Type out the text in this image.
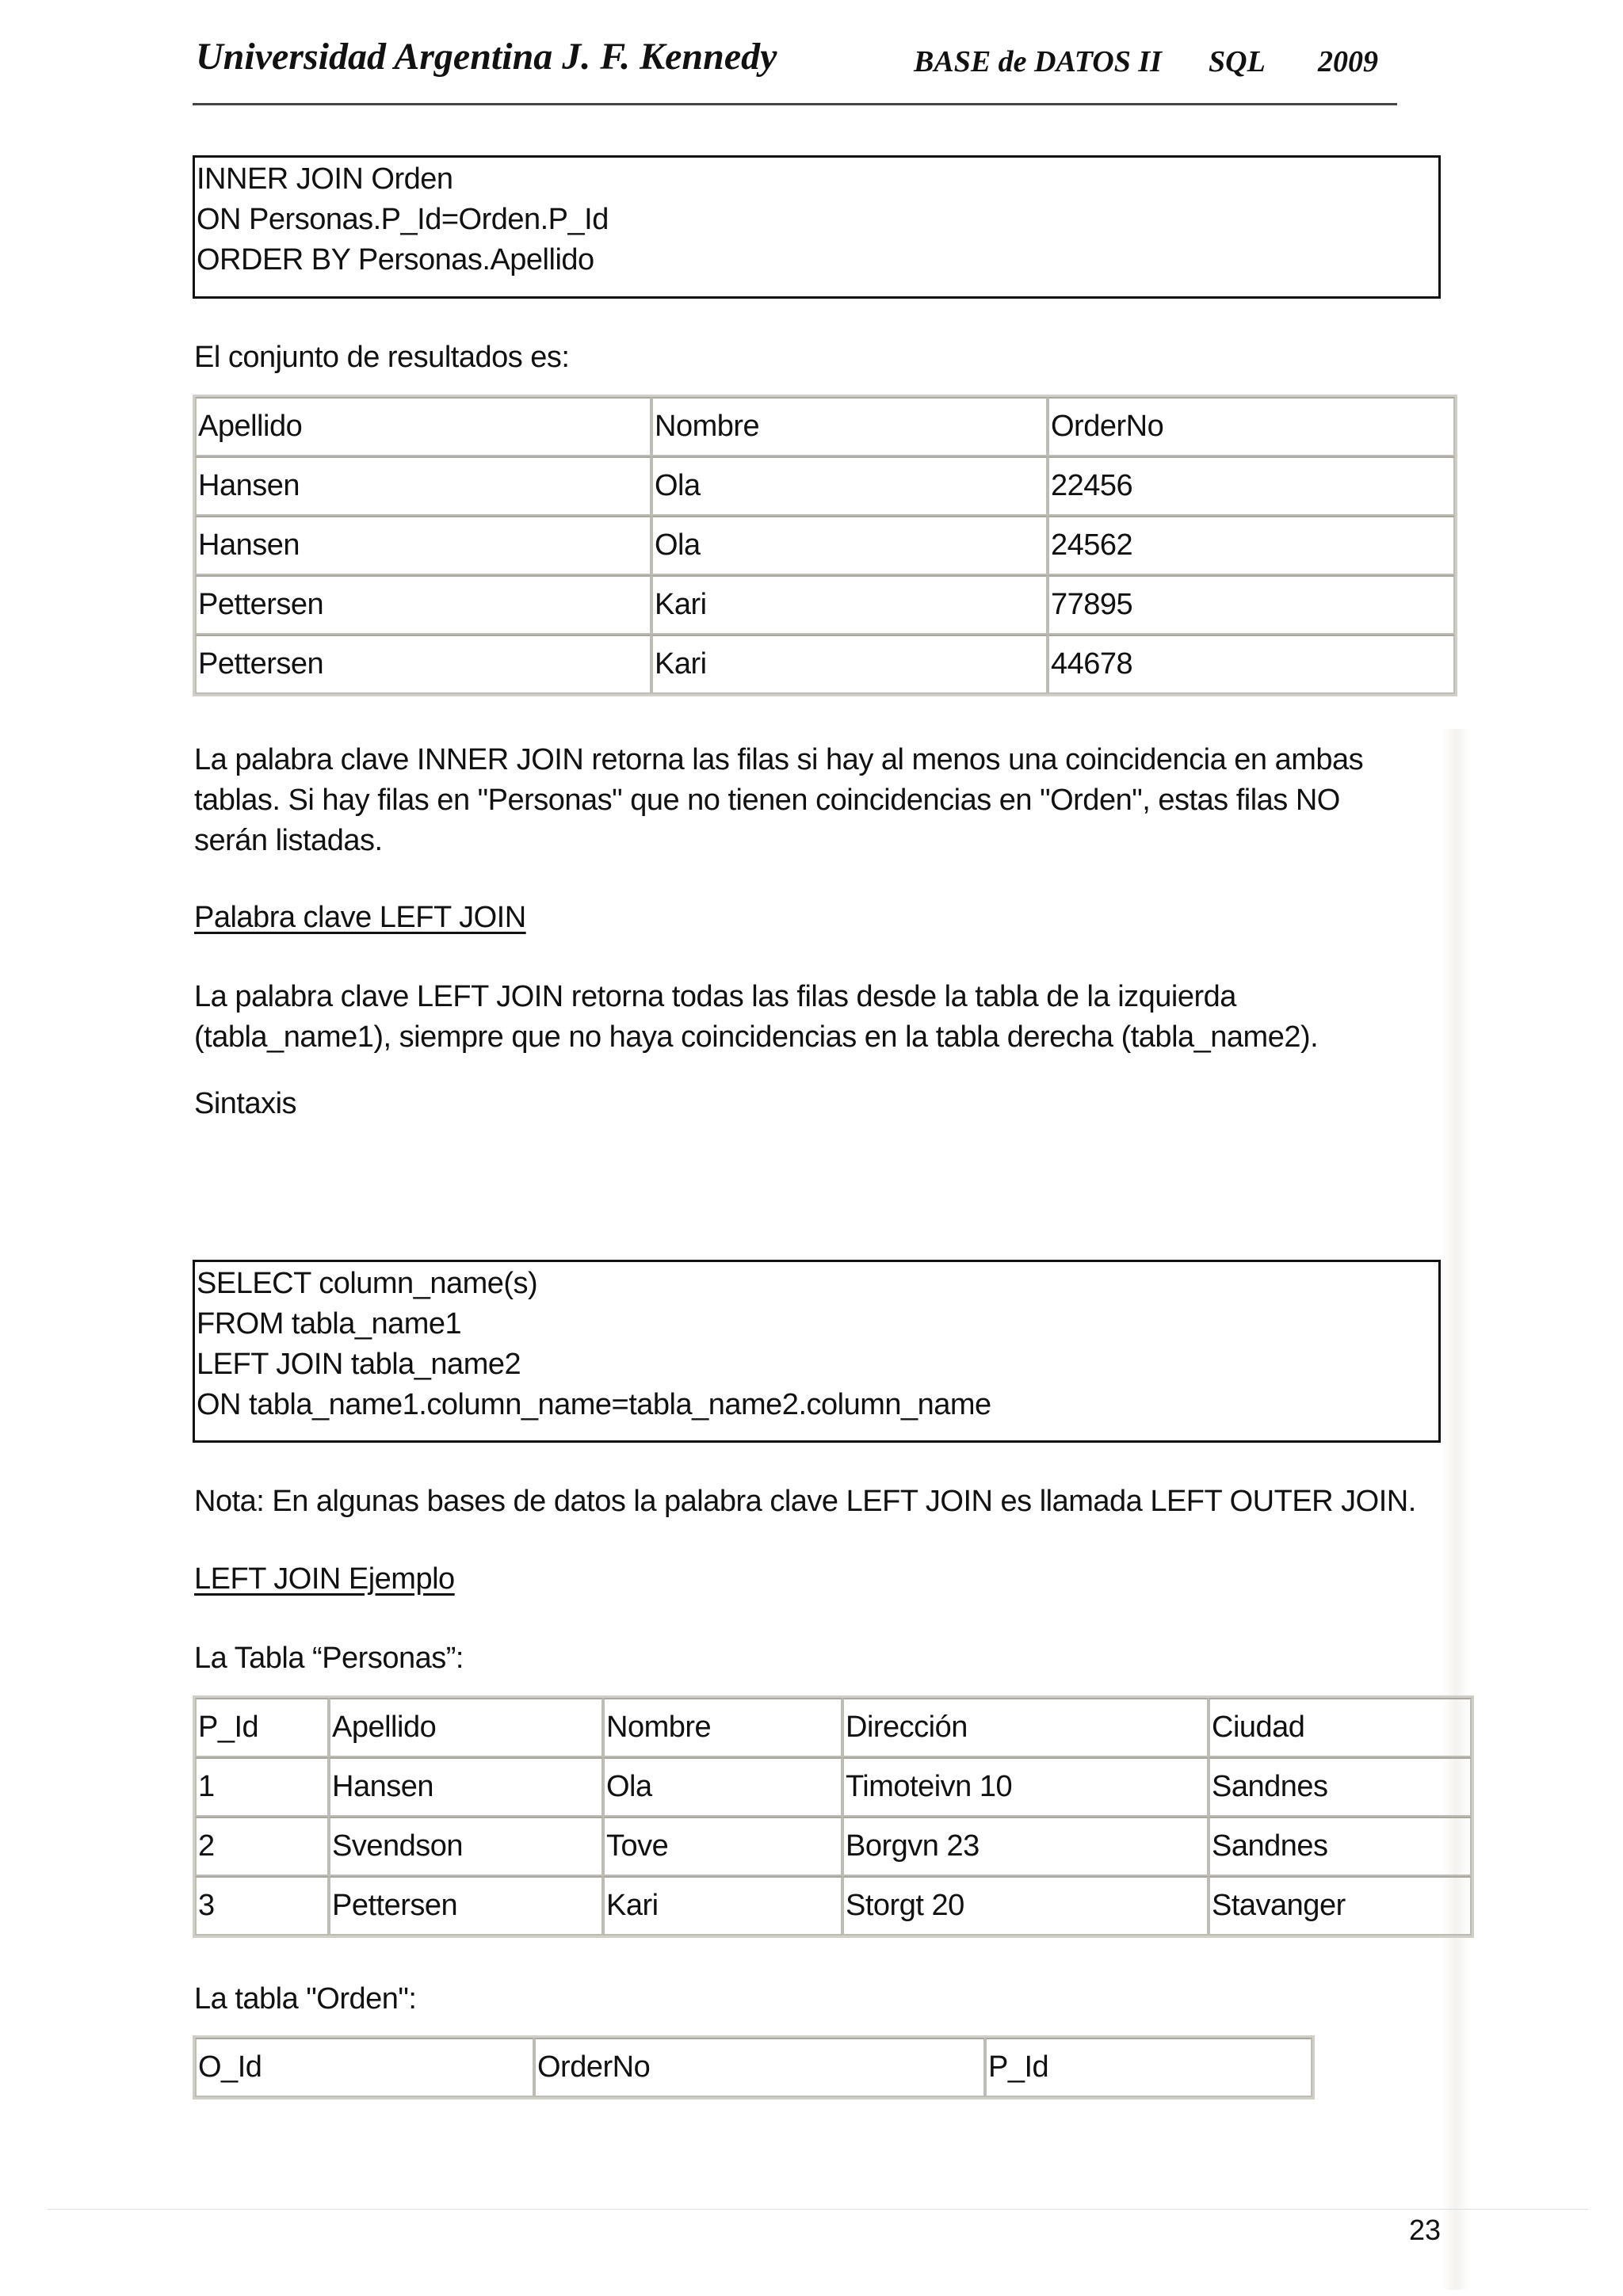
Universidad Argentina J. F. Kennedy	BASE de DATOS II SQL 2009
INNER JOIN Orden
ON Personas.P_Id=Orden.P_Id
ORDER BY Personas.Apellido
El conjunto de resultados es:
Apellido	Nombre	OrderNo
Hansen	Ola	22456
Hansen	Ola	24562
Pettersen	Kari	77895
Pettersen	Kari	44678
La palabra clave INNER JOIN retorna las filas si hay al menos una coincidencia en ambas
tablas. Si hay filas en "Personas" que no tienen coincidencias en "Orden", estas filas NO
serán listadas.
Palabra clave LEFT JOIN
La palabra clave LEFT JOIN retorna todas las filas desde la tabla de la izquierda
(tabla_name1), siempre que no haya coincidencias en la tabla derecha (tabla_name2).
Sintaxis
SELECT column_name(s)
FROM tabla_name1
LEFT JOIN tabla_name2
ON tabla_name1.column_name=tabla_name2.column_name
Nota: En algunas bases de datos la palabra clave LEFT JOIN es llamada LEFT OUTER JOIN.
LEFT JOIN Ejemplo
La Tabla “Personas”:
P_Id	Apellido	Nombre	Dirección	Ciudad
1	Hansen	Ola	Timoteivn 10	Sandnes
2	Svendson	Tove	Borgvn 23	Sandnes
3	Pettersen	Kari	Storgt 20	Stavanger
La tabla "Orden":
O_Id	OrderNo	P_Id
23
